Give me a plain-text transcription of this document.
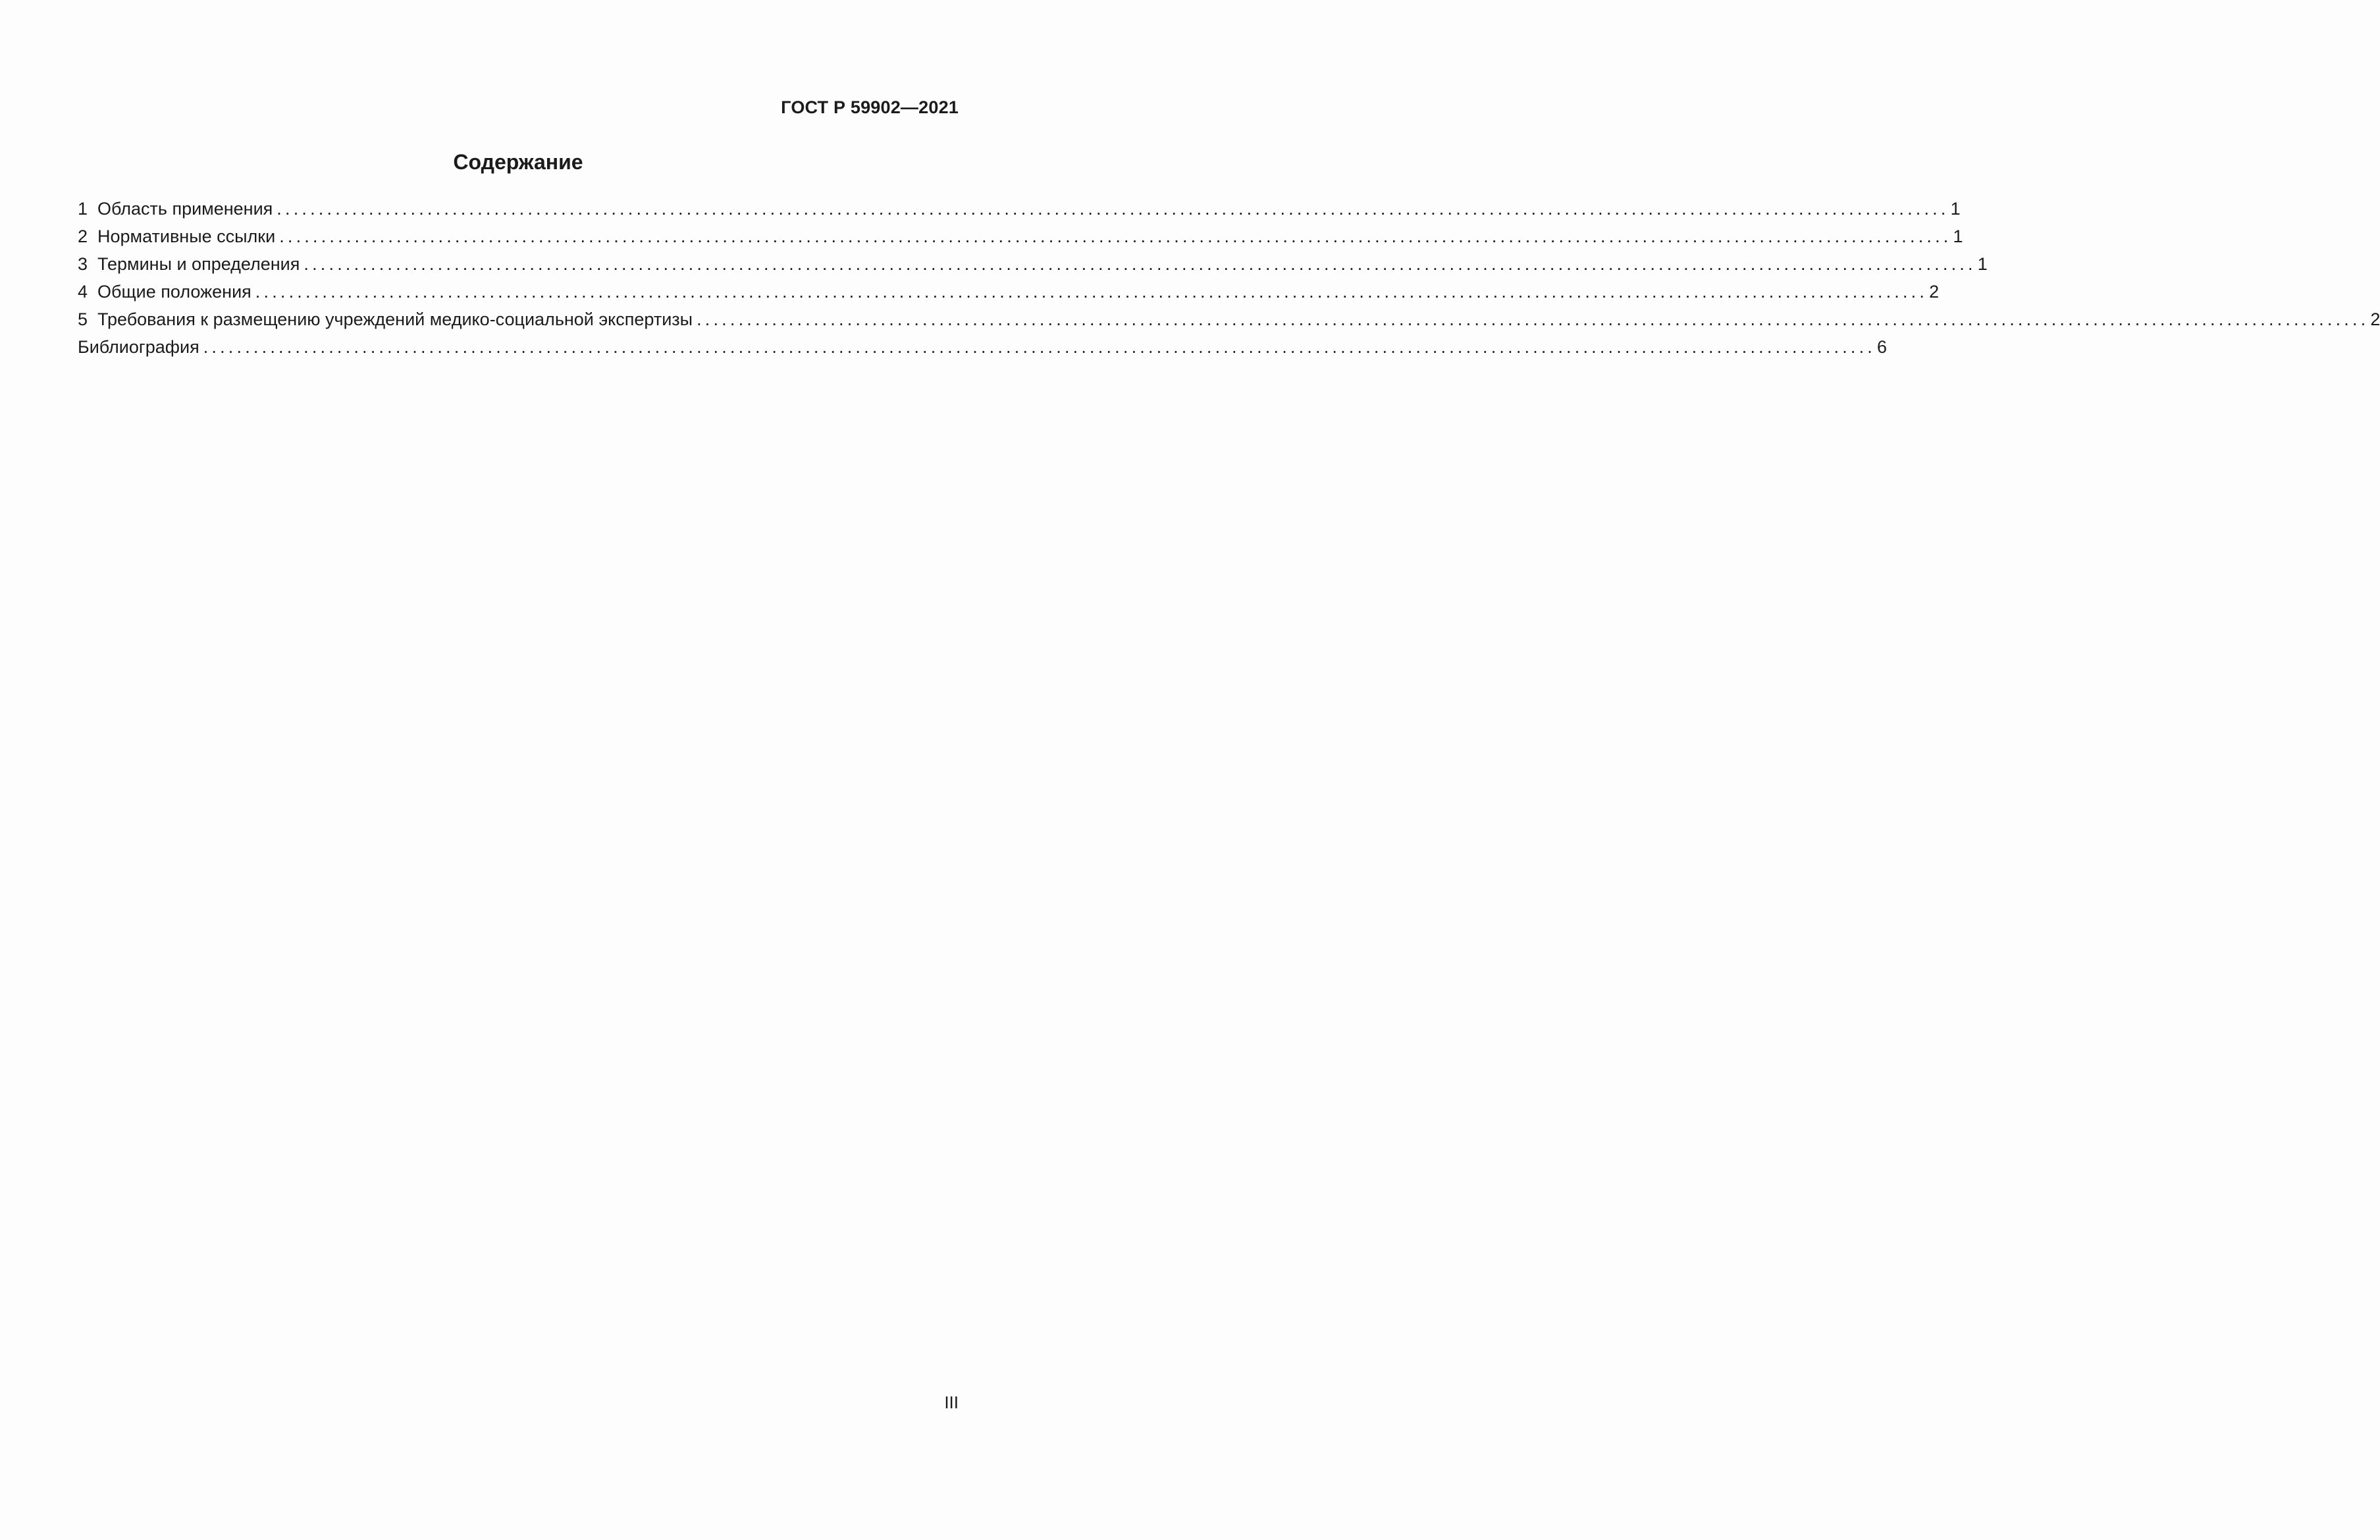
ГОСТ Р 59902—2021
Содержание
1 Область применения ........................................................................................................................................................................................................ 1
2 Нормативные ссылки ........................................................................................................................................................................................................ 1
3 Термины и определения ........................................................................................................................................................................................................ 1
4 Общие положения ........................................................................................................................................................................................................ 2
5 Требования к размещению учреждений медико-социальной экспертизы ........................................................................................................................................................................................................ 2
Библиография ........................................................................................................................................................................................................ 6
III
